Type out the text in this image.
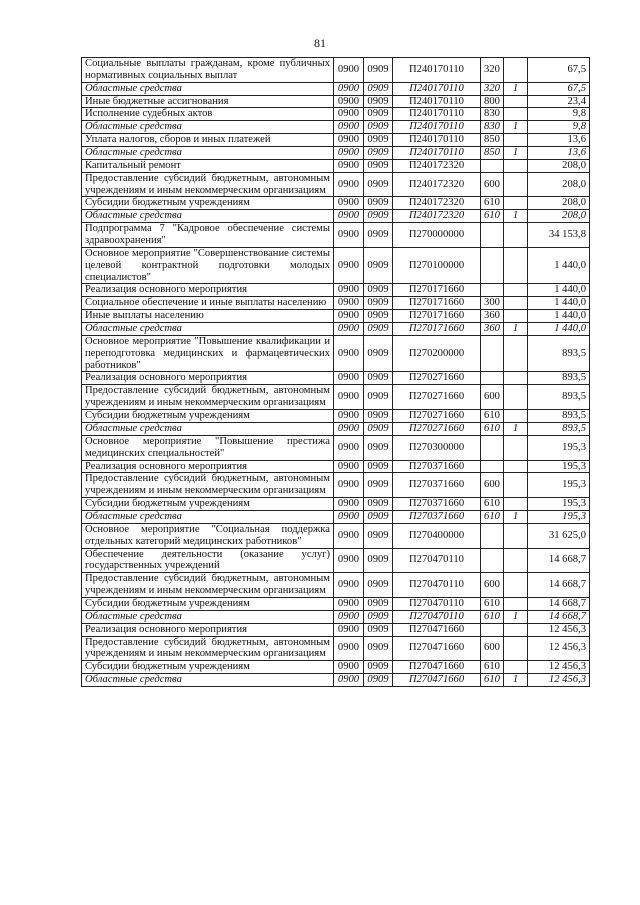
81
Социальные выплаты гражданам, кроме публичных нормативных социальных выплат	0900	0909	П240170110	320		67,5
Областные средства	0900	0909	П240170110	320	1	67,5
Иные бюджетные ассигнования	0900	0909	П240170110	800		23,4
Исполнение судебных актов	0900	0909	П240170110	830		9,8
Областные средства	0900	0909	П240170110	830	1	9,8
Уплата налогов, сборов и иных платежей	0900	0909	П240170110	850		13,6
Областные средства	0900	0909	П240170110	850	1	13,6
Капитальный ремонт	0900	0909	П240172320			208,0
Предоставление субсидий бюджетным, автономным учреждениям и иным некоммерческим организациям	0900	0909	П240172320	600		208,0
Субсидии бюджетным учреждениям	0900	0909	П240172320	610		208,0
Областные средства	0900	0909	П240172320	610	1	208,0
Подпрограмма 7 "Кадровое обеспечение системы здравоохранения"	0900	0909	П270000000			34 153,8
Основное мероприятие "Совершенствование системы целевой контрактной подготовки молодых специалистов"	0900	0909	П270100000			1 440,0
Реализация основного мероприятия	0900	0909	П270171660			1 440,0
Социальное обеспечение и иные выплаты населению	0900	0909	П270171660	300		1 440,0
Иные выплаты населению	0900	0909	П270171660	360		1 440,0
Областные средства	0900	0909	П270171660	360	1	1 440,0
Основное мероприятие "Повышение квалификации и переподготовка медицинских и фармацевтических работников"	0900	0909	П270200000			893,5
Реализация основного мероприятия	0900	0909	П270271660			893,5
Предоставление субсидий бюджетным, автономным учреждениям и иным некоммерческим организациям	0900	0909	П270271660	600		893,5
Субсидии бюджетным учреждениям	0900	0909	П270271660	610		893,5
Областные средства	0900	0909	П270271660	610	1	893,5
Основное мероприятие "Повышение престижа медицинских специальностей"	0900	0909	П270300000			195,3
Реализация основного мероприятия	0900	0909	П270371660			195,3
Предоставление субсидий бюджетным, автономным учреждениям и иным некоммерческим организациям	0900	0909	П270371660	600		195,3
Субсидии бюджетным учреждениям	0900	0909	П270371660	610		195,3
Областные средства	0900	0909	П270371660	610	1	195,3
Основное мероприятие "Социальная поддержка отдельных категорий медицинских работников"	0900	0909	П270400000			31 625,0
Обеспечение деятельности (оказание услуг) государственных учреждений	0900	0909	П270470110			14 668,7
Предоставление субсидий бюджетным, автономным учреждениям и иным некоммерческим организациям	0900	0909	П270470110	600		14 668,7
Субсидии бюджетным учреждениям	0900	0909	П270470110	610		14 668,7
Областные средства	0900	0909	П270470110	610	1	14 668,7
Реализация основного мероприятия	0900	0909	П270471660			12 456,3
Предоставление субсидий бюджетным, автономным учреждениям и иным некоммерческим организациям	0900	0909	П270471660	600		12 456,3
Субсидии бюджетным учреждениям	0900	0909	П270471660	610		12 456,3
Областные средства	0900	0909	П270471660	610	1	12 456,3
